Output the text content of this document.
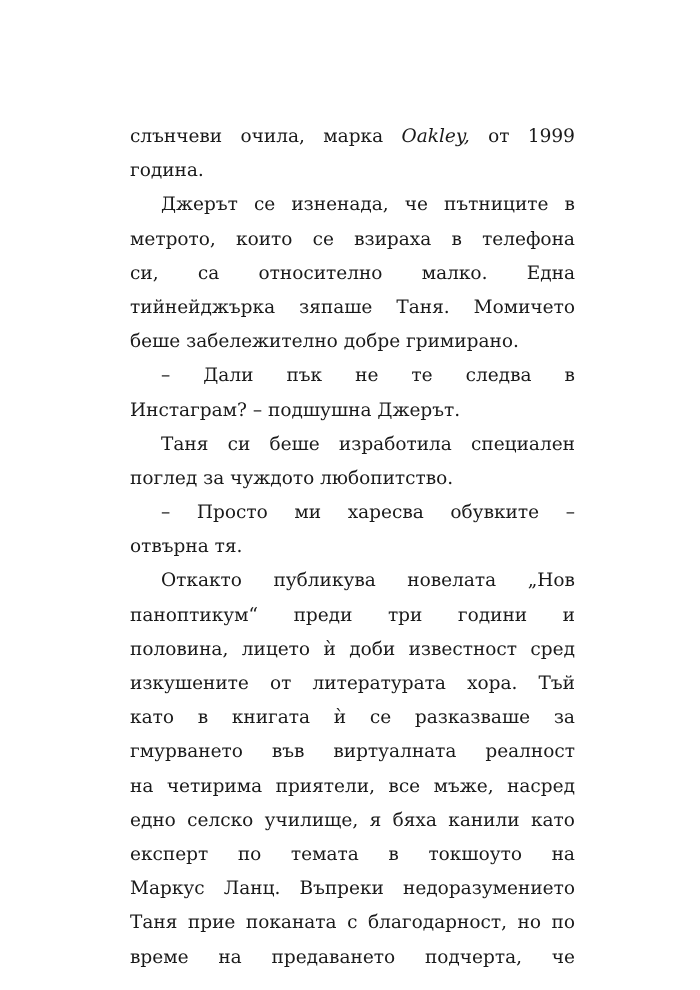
слънчеви очила, марка Oakley, от 1999
година.
Джерът се изненада, че пътниците в
метрото, които се взираха в телефона
си, са относително малко. Една
тийнейджърка зяпаше Таня. Момичето
беше забележително добре гримирано.
– Дали пък не те следва в
Инстаграм? – подшушна Джерът.
Таня си беше изработила специален
поглед за чуждото любопитство.
– Просто ми харесва обувките –
отвърна тя.
Откакто публикува новелата „Нов
паноптикум“ преди три години и
половина, лицето ѝ доби известност сред
изкушените от литературата хора. Тъй
като в книгата ѝ се разказваше за
гмурването във виртуалната реалност
на четирима приятели, все мъже, насред
едно селско училище, я бяха канили като
експерт по темата в токшоуто на
Маркус Ланц. Въпреки недоразумението
Таня прие поканата с благодарност, но по
време на предаването подчерта, че
